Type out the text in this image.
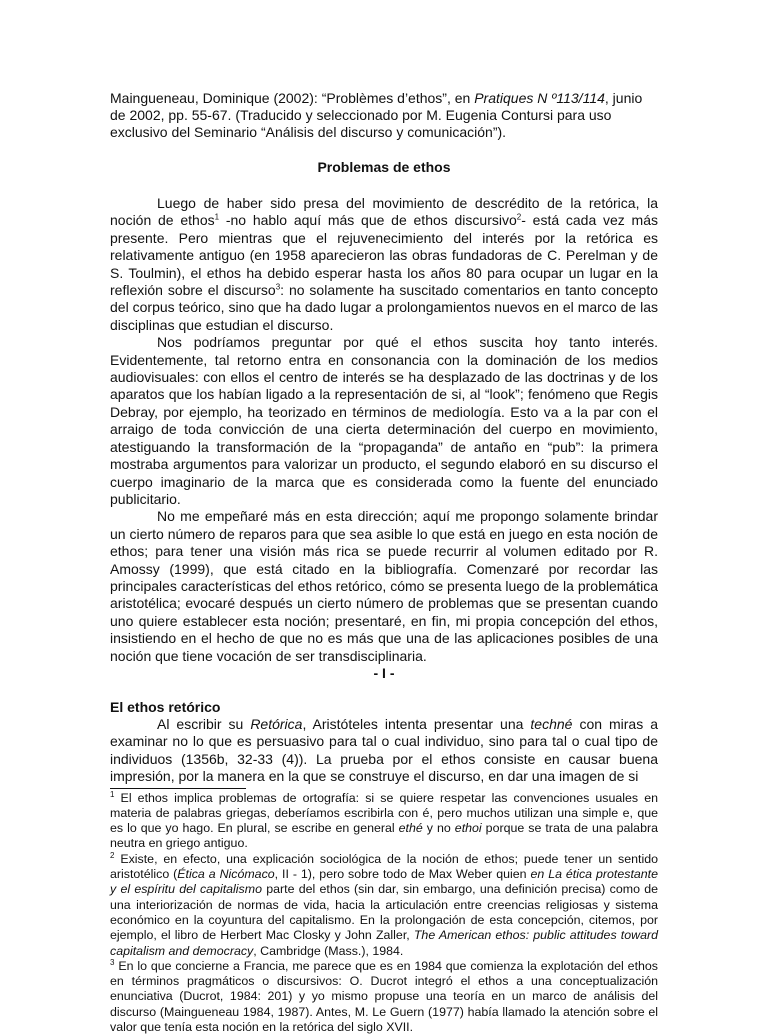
Maingueneau, Dominique (2002): “Problèmes d’ethos”, en Pratiques N º113/114, junio de 2002, pp. 55-67. (Traducido y seleccionado por M. Eugenia Contursi para uso exclusivo del Seminario “Análisis del discurso y comunicación”).

Problemas de ethos

Luego de haber sido presa del movimiento de descrédito de la retórica, la noción de ethos$^1$ -no hablo aquí más que de ethos discursivo$^2$- está cada vez más presente. Pero mientras que el rejuvenecimiento del interés por la retórica es relativamente antiguo (en 1958 aparecieron las obras fundadoras de C. Perelman y de S. Toulmin), el ethos ha debido esperar hasta los años 80 para ocupar un lugar en la reflexión sobre el discurso$^3$: no solamente ha suscitado comentarios en tanto concepto del corpus teórico, sino que ha dado lugar a prolongamientos nuevos en el marco de las disciplinas que estudian el discurso.

Nos podríamos preguntar por qué el ethos suscita hoy tanto interés. Evidentemente, tal retorno entra en consonancia con la dominación de los medios audiovisuales: con ellos el centro de interés se ha desplazado de las doctrinas y de los aparatos que los habían ligado a la representación de si, al “look”; fenómeno que Regis Debray, por ejemplo, ha teorizado en términos de mediología. Esto va a la par con el arraigo de toda convicción de una cierta determinación del cuerpo en movimiento, atestiguando la transformación de la “propaganda” de antaño en “pub”: la primera mostraba argumentos para valorizar un producto, el segundo elaboró en su discurso el cuerpo imaginario de la marca que es considerada como la fuente del enunciado publicitario.

No me empeñaré más en esta dirección; aquí me propongo solamente brindar un cierto número de reparos para que sea asible lo que está en juego en esta noción de ethos; para tener una visión más rica se puede recurrir al volumen editado por R. Amossy (1999), que está citado en la bibliografía. Comenzaré por recordar las principales características del ethos retórico, cómo se presenta luego de la problemática aristotélica; evocaré después un cierto número de problemas que se presentan cuando uno quiere establecer esta noción; presentaré, en fin, mi propia concepción del ethos, insistiendo en el hecho de que no es más que una de las aplicaciones posibles de una noción que tiene vocación de ser transdisciplinaria.

- I -

El ethos retórico

Al escribir su Retórica, Aristóteles intenta presentar una techné con miras a examinar no lo que es persuasivo para tal o cual individuo, sino para tal o cual tipo de individuos (1356b, 32-33 (4)). La prueba por el ethos consiste en causar buena impresión, por la manera en la que se construye el discurso, en dar una imagen de si

$^1$ El ethos implica problemas de ortografía: si se quiere respetar las convenciones usuales en materia de palabras griegas, deberíamos escribirla con é, pero muchos utilizan una simple e, que es lo que yo hago. En plural, se escribe en general ethé y no ethoi porque se trata de una palabra neutra en griego antiguo.

$^2$ Existe, en efecto, una explicación sociológica de la noción de ethos; puede tener un sentido aristotélico (Ética a Nicómaco, II - 1), pero sobre todo de Max Weber quien en La ética protestante y el espíritu del capitalismo parte del ethos (sin dar, sin embargo, una definición precisa) como de una interiorización de normas de vida, hacia la articulación entre creencias religiosas y sistema económico en la coyuntura del capitalismo. En la prolongación de esta concepción, citemos, por ejemplo, el libro de Herbert Mac Closky y John Zaller, The American ethos: public attitudes toward capitalism and democracy, Cambridge (Mass.), 1984.

$^3$ En lo que concierne a Francia, me parece que es en 1984 que comienza la explotación del ethos en términos pragmáticos o discursivos: O. Ducrot integró el ethos a una conceptualización enunciativa (Ducrot, 1984: 201) y yo mismo propuse una teoría en un marco de análisis del discurso (Maingueneau 1984, 1987). Antes, M. Le Guern (1977) había llamado la atención sobre el valor que tenía esta noción en la retórica del siglo XVII.
